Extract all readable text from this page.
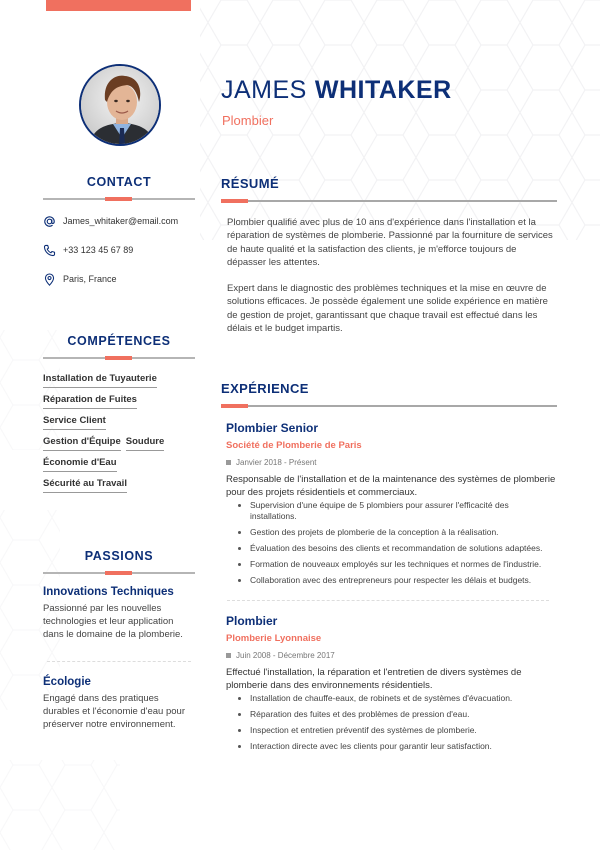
JAMES WHITAKER
Plombier
CONTACT
James_whitaker@email.com
+33 123 45 67 89
Paris, France
COMPÉTENCES
Installation de Tuyauterie
Réparation de Fuites
Service Client
Gestion d'Équipe Soudure
Économie d'Eau
Sécurité au Travail
PASSIONS
Innovations Techniques
Passionné par les nouvelles technologies et leur application dans le domaine de la plomberie.
Écologie
Engagé dans des pratiques durables et l'économie d'eau pour préserver notre environnement.
RÉSUMÉ

Plombier qualifié avec plus de 10 ans d'expérience dans l'installation et la réparation de systèmes de plomberie. Passionné par la fourniture de services de haute qualité et la satisfaction des clients, je m'efforce toujours de dépasser les attentes.

Expert dans le diagnostic des problèmes techniques et la mise en œuvre de solutions efficaces. Je possède également une solide expérience en matière de gestion de projet, garantissant que chaque travail est effectué dans les délais et le budget impartis.

EXPÉRIENCE
Plombier Senior
Société de Plomberie de Paris
Janvier 2018 - Présent
Responsable de l'installation et de la maintenance des systèmes de plomberie pour des projets résidentiels et commerciaux.
Supervision d'une équipe de 5 plombiers pour assurer l'efficacité des installations.
Gestion des projets de plomberie de la conception à la réalisation.
Évaluation des besoins des clients et recommandation de solutions adaptées.
Formation de nouveaux employés sur les techniques et normes de l'industrie.
Collaboration avec des entrepreneurs pour respecter les délais et budgets.
Plombier
Plomberie Lyonnaise
Juin 2008 - Décembre 2017
Effectué l'installation, la réparation et l'entretien de divers systèmes de plomberie dans des environnements résidentiels.
Installation de chauffe-eaux, de robinets et de systèmes d'évacuation.
Réparation des fuites et des problèmes de pression d'eau.
Inspection et entretien préventif des systèmes de plomberie.
Interaction directe avec les clients pour garantir leur satisfaction.
